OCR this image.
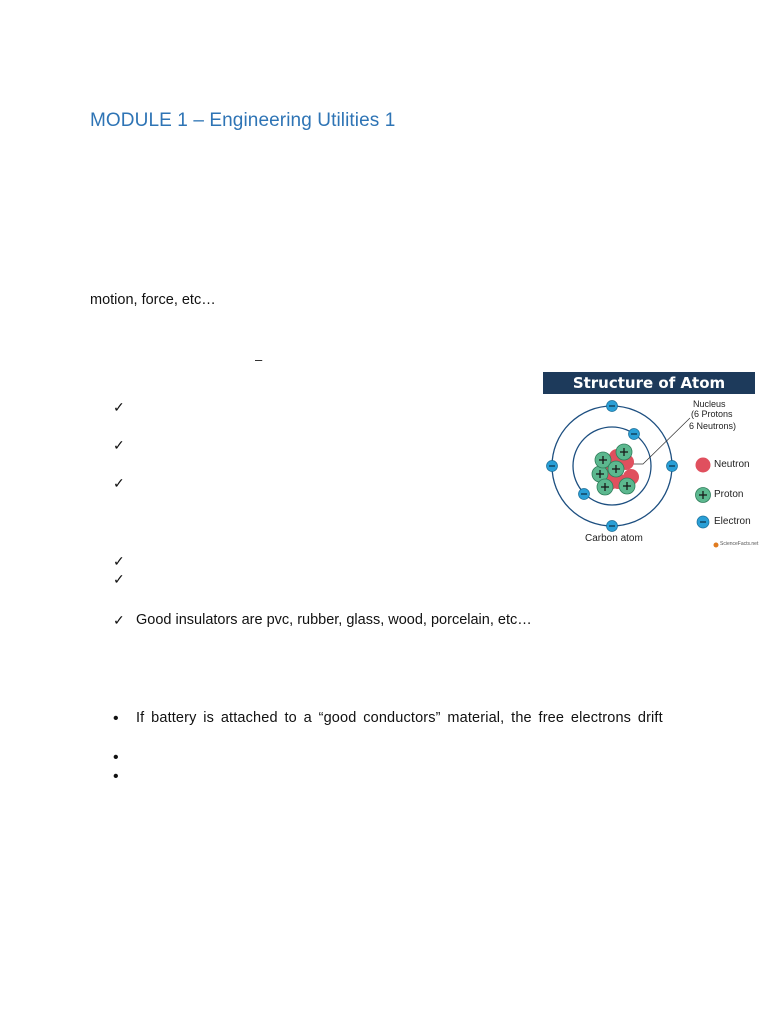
MODULE 1 – Engineering Utilities 1
motion, force, etc…
–
✓
✓
✓
✓
✓
✓ Good insulators are pvc, rubber, glass, wood, porcelain, etc…
• If battery is attached to a “good conductors” material, the free electrons drift
•
•
Structure of Atom
Nucleus
(6 Protons
6 Neutrons)
Neutron
Proton
Electron
Carbon atom	ScienceFacts.net
